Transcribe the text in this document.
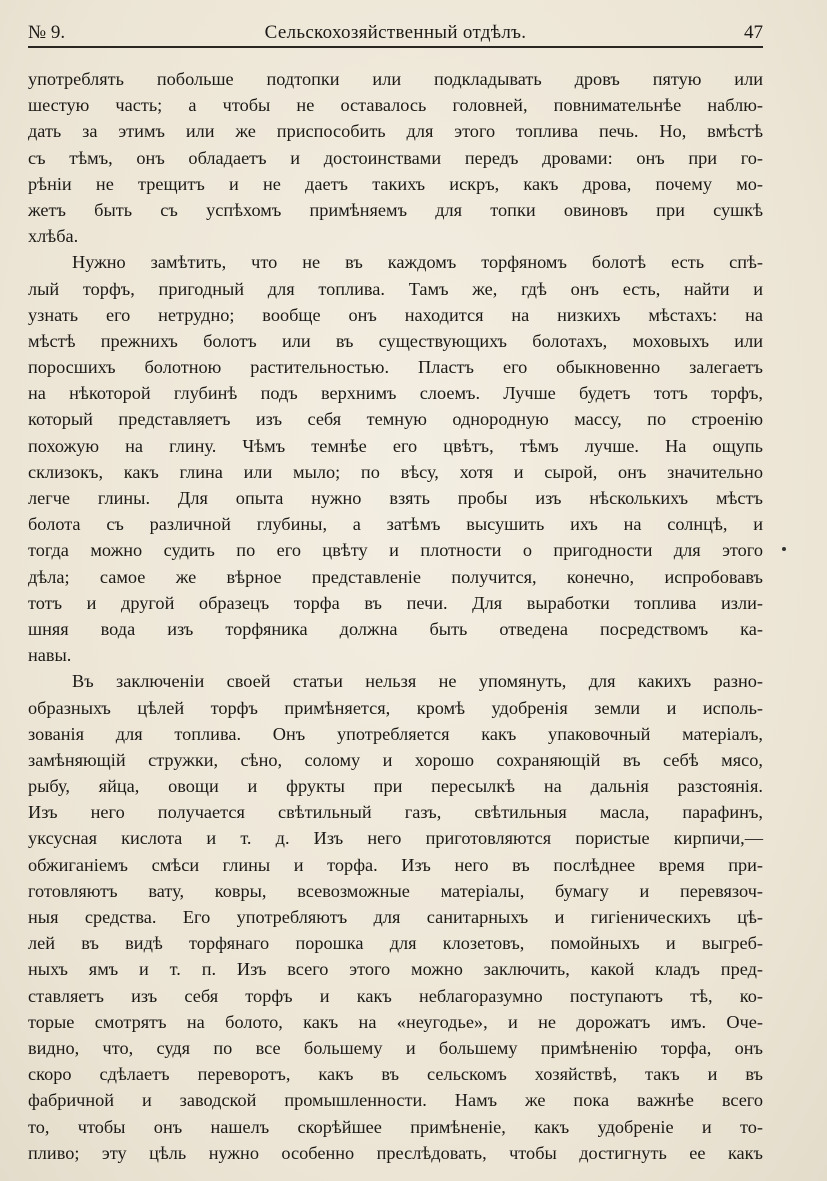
№ 9.	Сельскохозяйственный отдѣлъ.	47
употреблять побольше подтопки или подкладывать дровъ пятую или
шестую часть; а чтобы не оставалось головней, повнимательнѣе наблю-
дать за этимъ или же приспособить для этого топлива печь. Но, вмѣстѣ
съ тѣмъ, онъ обладаетъ и достоинствами передъ дровами: онъ при го-
рѣніи не трещитъ и не даетъ такихъ искръ, какъ дрова, почему мо-
жетъ быть съ успѣхомъ примѣняемъ для топки овиновъ при сушкѣ
хлѣба.
Нужно замѣтить, что не въ каждомъ торфяномъ болотѣ есть спѣ-
лый торфъ, пригодный для топлива. Тамъ же, гдѣ онъ есть, найти и
узнать его нетрудно; вообще онъ находится на низкихъ мѣстахъ: на
мѣстѣ прежнихъ болотъ или въ существующихъ болотахъ, моховыхъ или
поросшихъ болотною растительностью. Пластъ его обыкновенно залегаетъ
на нѣкоторой глубинѣ подъ верхнимъ слоемъ. Лучше будетъ тотъ торфъ,
который представляетъ изъ себя темную однородную массу, по строенію
похожую на глину. Чѣмъ темнѣе его цвѣтъ, тѣмъ лучше. На ощупь
склизокъ, какъ глина или мыло; по вѣсу, хотя и сырой, онъ значительно
легче глины. Для опыта нужно взять пробы изъ нѣсколькихъ мѣстъ
болота съ различной глубины, а затѣмъ высушить ихъ на солнцѣ, и
тогда можно судить по его цвѣту и плотности о пригодности для этого
дѣла; самое же вѣрное представленіе получится, конечно, испробовавъ
тотъ и другой образецъ торфа въ печи. Для выработки топлива изли-
шняя вода изъ торфяника должна быть отведена посредствомъ ка-
навы.
Въ заключеніи своей статьи нельзя не упомянуть, для какихъ разно-
образныхъ цѣлей торфъ примѣняется, кромѣ удобренія земли и исполь-
зованія для топлива. Онъ употребляется какъ упаковочный матеріалъ,
замѣняющій стружки, сѣно, солому и хорошо сохраняющій въ себѣ мясо,
рыбу, яйца, овощи и фрукты при пересылкѣ на дальнія разстоянія.
Изъ него получается свѣтильный газъ, свѣтильныя масла, парафинъ,
уксусная кислота и т. д. Изъ него приготовляются пористые кирпичи,—
обжиганіемъ смѣси глины и торфа. Изъ него въ послѣднее время при-
готовляютъ вату, ковры, всевозможные матеріалы, бумагу и перевязоч-
ныя средства. Его употребляютъ для санитарныхъ и гигіеническихъ цѣ-
лей въ видѣ торфянаго порошка для клозетовъ, помойныхъ и выгреб-
ныхъ ямъ и т. п. Изъ всего этого можно заключить, какой кладъ пред-
ставляетъ изъ себя торфъ и какъ неблагоразумно поступаютъ тѣ, ко-
торые смотрятъ на болото, какъ на «неугодье», и не дорожатъ имъ. Оче-
видно, что, судя по все большему и большему примѣненію торфа, онъ
скоро сдѣлаетъ переворотъ, какъ въ сельскомъ хозяйствѣ, такъ и въ
фабричной и заводской промышленности. Намъ же пока важнѣе всего
то, чтобы онъ нашелъ скорѣйшее примѣненіе, какъ удобреніе и то-
пливо; эту цѣль нужно особенно преслѣдовать, чтобы достигнуть ее какъ
